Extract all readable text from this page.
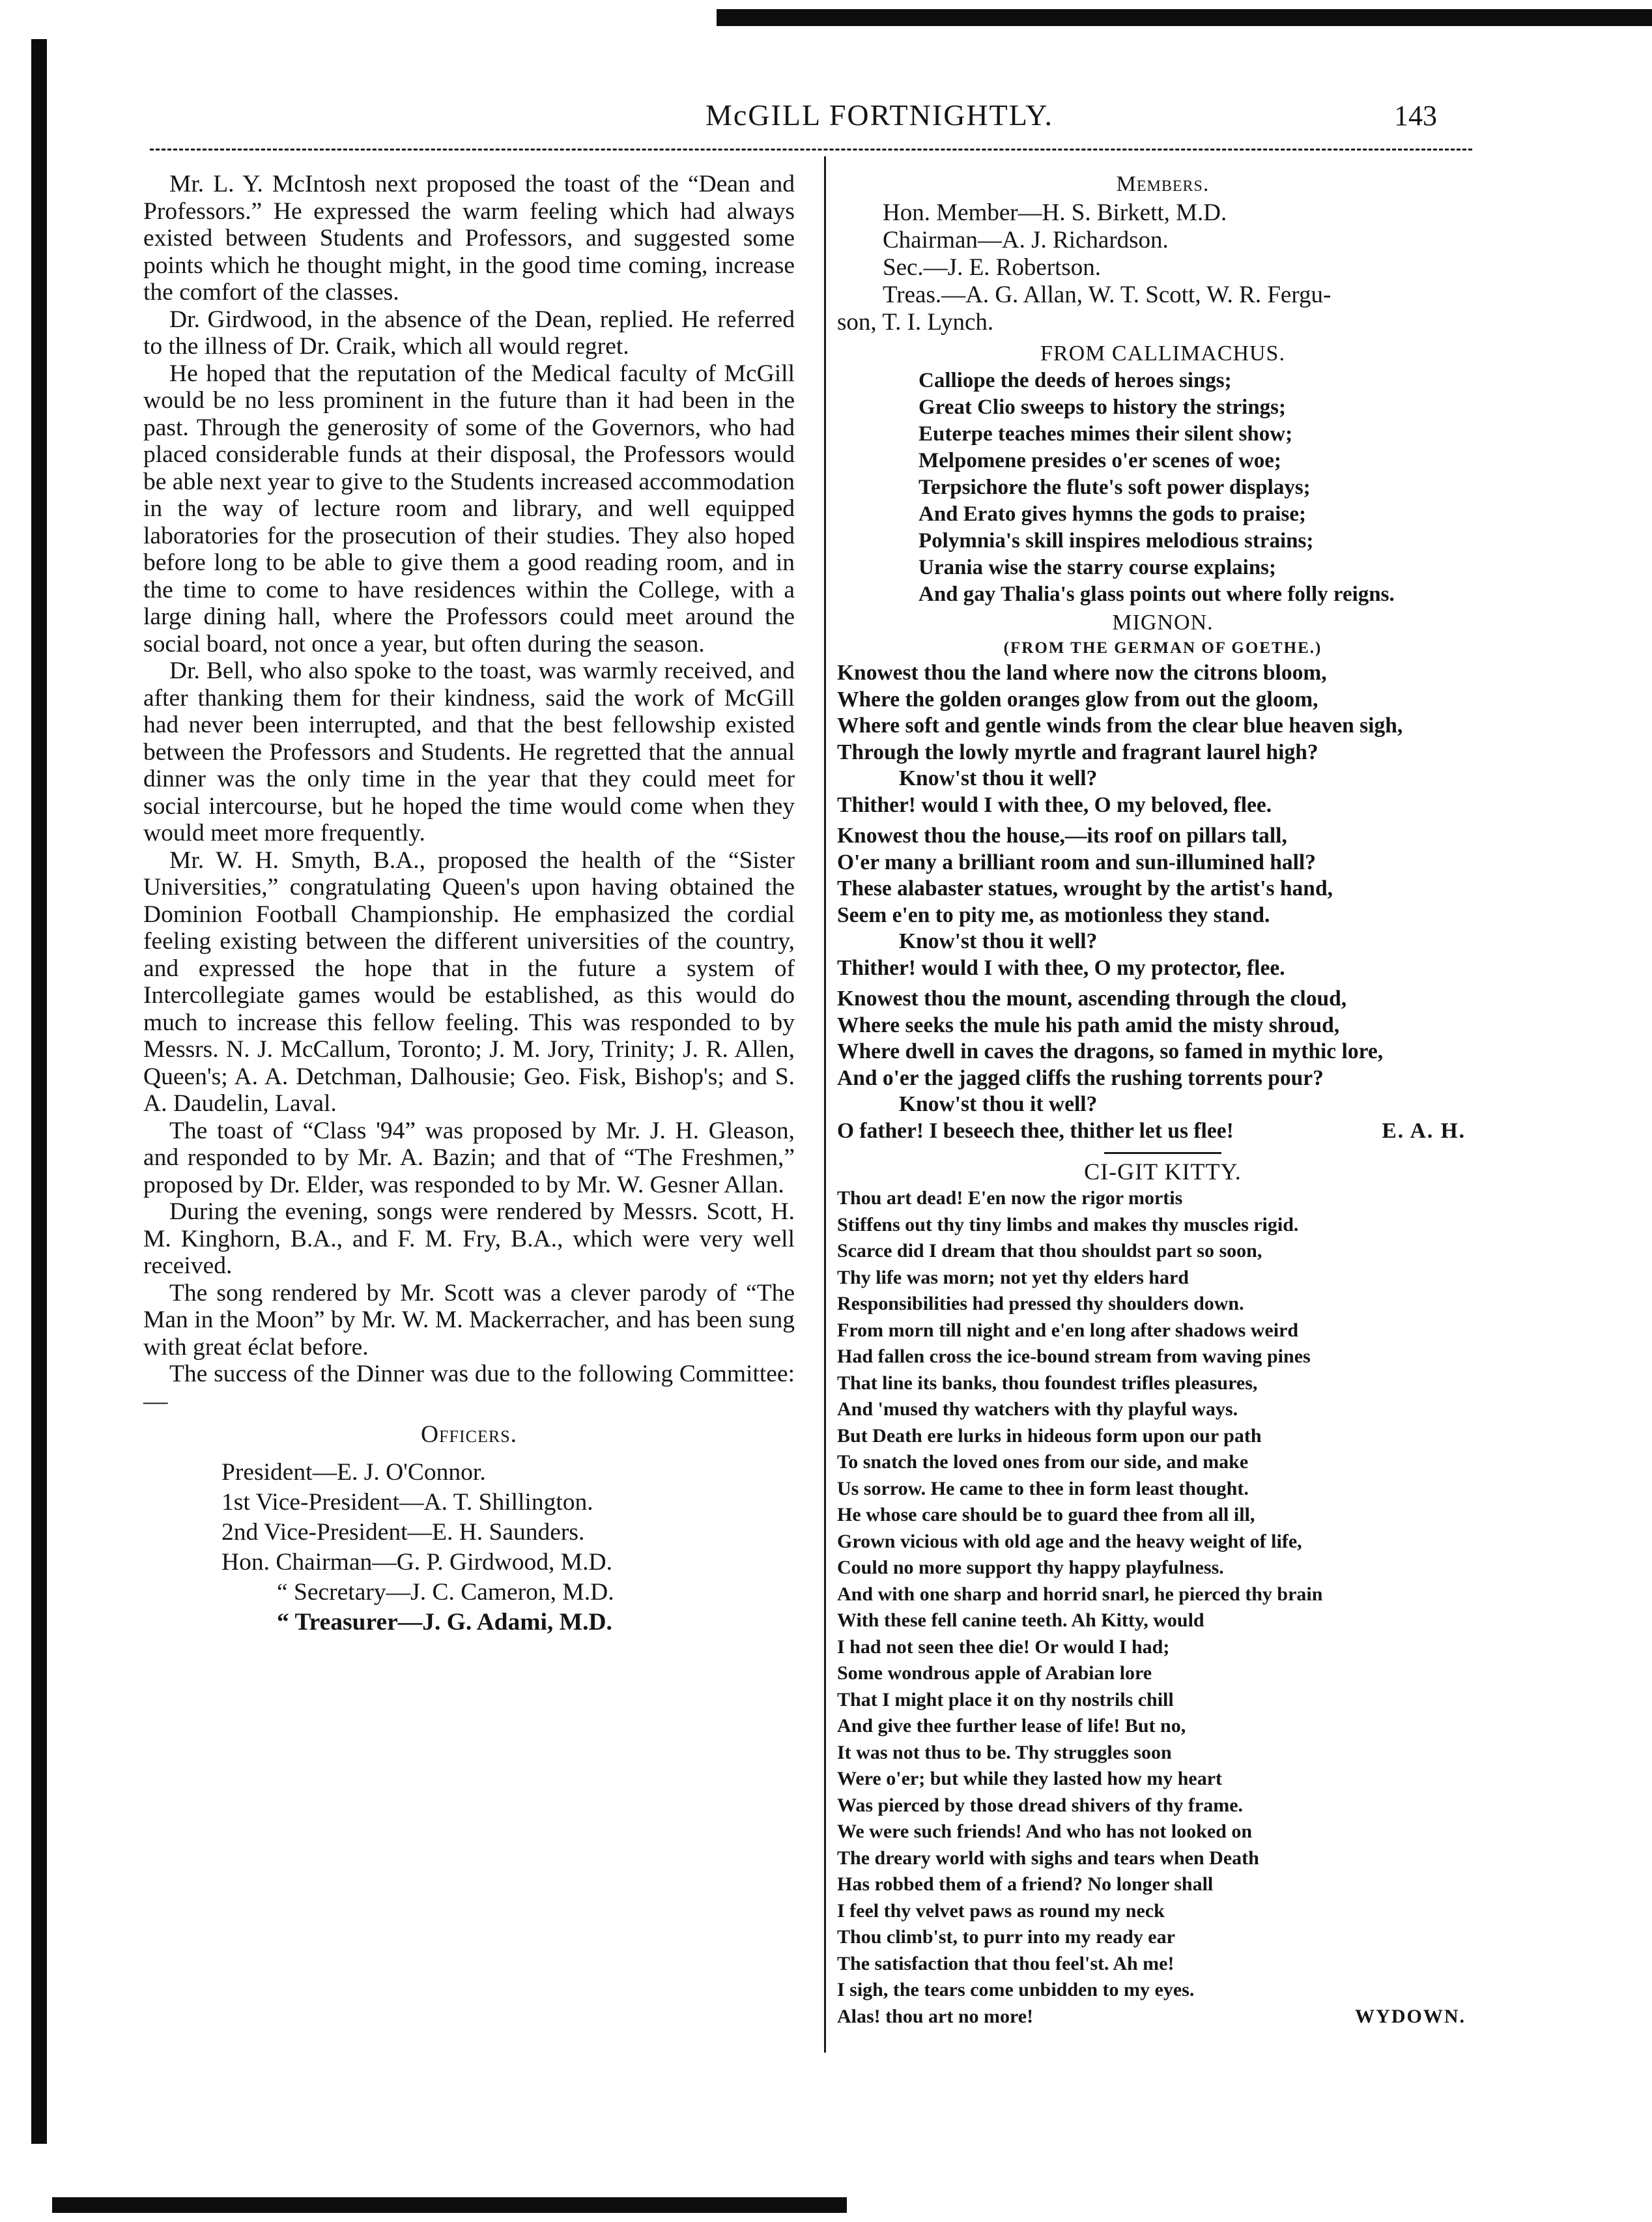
McGILL FORTNIGHTLY.	143

Mr. L. Y. McIntosh next proposed the toast of the “Dean and Professors.” He expressed the warm feeling which had always existed between Students and Professors, and suggested some points which he thought might, in the good time coming, increase the comfort of the classes.

Dr. Girdwood, in the absence of the Dean, replied. He referred to the illness of Dr. Craik, which all would regret.

He hoped that the reputation of the Medical faculty of McGill would be no less prominent in the future than it had been in the past. Through the generosity of some of the Governors, who had placed considerable funds at their disposal, the Professors would be able next year to give to the Students increased accommodation in the way of lecture room and library, and well equipped laboratories for the prosecution of their studies. They also hoped before long to be able to give them a good reading room, and in the time to come to have residences within the College, with a large dining hall, where the Professors could meet around the social board, not once a year, but often during the season.

Dr. Bell, who also spoke to the toast, was warmly received, and after thanking them for their kindness, said the work of McGill had never been interrupted, and that the best fellowship existed between the Professors and Students. He regretted that the annual dinner was the only time in the year that they could meet for social intercourse, but he hoped the time would come when they would meet more frequently.

Mr. W. H. Smyth, B.A., proposed the health of the “Sister Universities,” congratulating Queen's upon having obtained the Dominion Football Championship. He emphasized the cordial feeling existing between the different universities of the country, and expressed the hope that in the future a system of Intercollegiate games would be established, as this would do much to increase this fellow feeling. This was responded to by Messrs. N. J. McCallum, Toronto; J. M. Jory, Trinity; J. R. Allen, Queen's; A. A. Detchman, Dalhousie; Geo. Fisk, Bishop's; and S. A. Daudelin, Laval.

The toast of “Class '94” was proposed by Mr. J. H. Gleason, and responded to by Mr. A. Bazin; and that of “The Freshmen,” proposed by Dr. Elder, was responded to by Mr. W. Gesner Allan.

During the evening, songs were rendered by Messrs. Scott, H. M. Kinghorn, B.A., and F. M. Fry, B.A., which were very well received.

The song rendered by Mr. Scott was a clever parody of “The Man in the Moon” by Mr. W. M. Mackerracher, and has been sung with great éclat before.

The success of the Dinner was due to the following Committee:—

Officers.

President—E. J. O'Connor.

1st Vice-President—A. T. Shillington.

2nd Vice-President—E. H. Saunders.

Hon. Chairman—G. P. Girdwood, M.D.

“ Secretary—J. C. Cameron, M.D.

“ Treasurer—J. G. Adami, M.D.

Members.

Hon. Member—H. S. Birkett, M.D.

Chairman—A. J. Richardson.

Sec.—J. E. Robertson.

Treas.—A. G. Allan, W. T. Scott, W. R. Fergu-

son, T. I. Lynch.

FROM CALLIMACHUS.

Calliope the deeds of heroes sings;

Great Clio sweeps to history the strings;

Euterpe teaches mimes their silent show;

Melpomene presides o'er scenes of woe;

Terpsichore the flute's soft power displays;

And Erato gives hymns the gods to praise;

Polymnia's skill inspires melodious strains;

Urania wise the starry course explains;

And gay Thalia's glass points out where folly reigns.

MIGNON.
(FROM THE GERMAN OF GOETHE.)

Knowest thou the land where now the citrons bloom,

Where the golden oranges glow from out the gloom,

Where soft and gentle winds from the clear blue heaven sigh,

Through the lowly myrtle and fragrant laurel high?

Know'st thou it well?

Thither! would I with thee, O my beloved, flee.

Knowest thou the house,—its roof on pillars tall,

O'er many a brilliant room and sun-illumined hall?

These alabaster statues, wrought by the artist's hand,

Seem e'en to pity me, as motionless they stand.

Know'st thou it well?

Thither! would I with thee, O my protector, flee.

Knowest thou the mount, ascending through the cloud,

Where seeks the mule his path amid the misty shroud,

Where dwell in caves the dragons, so famed in mythic lore,

And o'er the jagged cliffs the rushing torrents pour?

Know'st thou it well?

O father! I beseech thee, thither let us flee!	E. A. H.
CI-GIT KITTY.

Thou art dead! E'en now the rigor mortis

Stiffens out thy tiny limbs and makes thy muscles rigid.

Scarce did I dream that thou shouldst part so soon,

Thy life was morn; not yet thy elders hard

Responsibilities had pressed thy shoulders down.

From morn till night and e'en long after shadows weird

Had fallen cross the ice-bound stream from waving pines

That line its banks, thou foundest trifles pleasures,

And 'mused thy watchers with thy playful ways.

But Death ere lurks in hideous form upon our path

To snatch the loved ones from our side, and make

Us sorrow. He came to thee in form least thought.

He whose care should be to guard thee from all ill,

Grown vicious with old age and the heavy weight of life,

Could no more support thy happy playfulness.

And with one sharp and horrid snarl, he pierced thy brain

With these fell canine teeth. Ah Kitty, would

I had not seen thee die! Or would I had;

Some wondrous apple of Arabian lore

That I might place it on thy nostrils chill

And give thee further lease of life! But no,

It was not thus to be. Thy struggles soon

Were o'er; but while they lasted how my heart

Was pierced by those dread shivers of thy frame.

We were such friends! And who has not looked on

The dreary world with sighs and tears when Death

Has robbed them of a friend? No longer shall

I feel thy velvet paws as round my neck

Thou climb'st, to purr into my ready ear

The satisfaction that thou feel'st. Ah me!

I sigh, the tears come unbidden to my eyes.

Alas! thou art no more!	WYDOWN.
